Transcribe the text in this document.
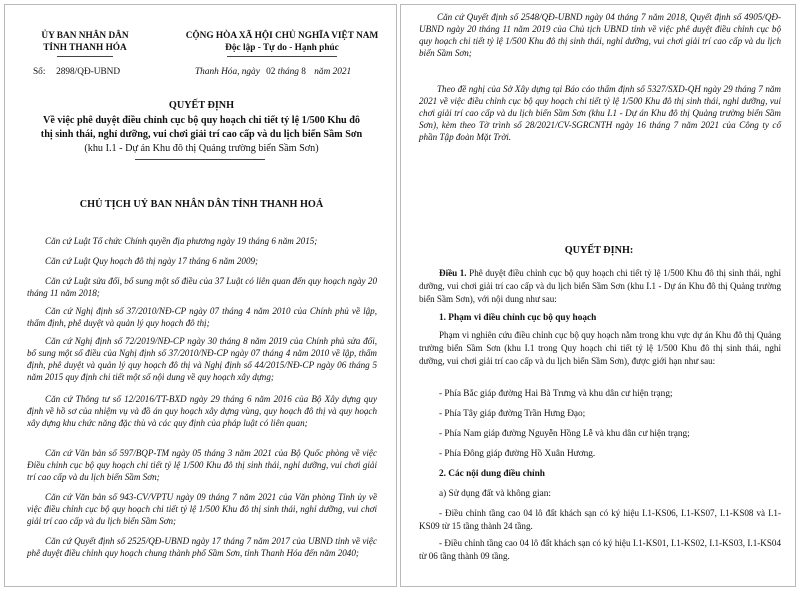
ỦY BAN NHÂN DÂN
TỈNH THANH HÓA
CỘNG HÒA XÃ HỘI CHỦ NGHĨA VIỆT NAM
Độc lập - Tự do - Hạnh phúc
Số: 2898/QĐ-UBND	Thanh Hóa, ngày 02 tháng 8 năm 2021
QUYẾT ĐỊNH
Về việc phê duyệt điều chỉnh cục bộ quy hoạch chi tiết tỷ lệ 1/500 Khu đô
thị sinh thái, nghỉ dưỡng, vui chơi giải trí cao cấp và du lịch biển Sầm Sơn
(khu I.1 - Dự án Khu đô thị Quảng trường biển Sầm Sơn)
CHỦ TỊCH UỶ BAN NHÂN DÂN TỈNH THANH HOÁ
Căn cứ Luật Tổ chức Chính quyền địa phương ngày 19 tháng 6 năm 2015;
Căn cứ Luật Quy hoạch đô thị ngày 17 tháng 6 năm 2009;
Căn cứ Luật sửa đổi, bổ sung một số điều của 37 Luật có liên quan đến quy hoạch ngày 20 tháng 11 năm 2018;
Căn cứ Nghị định số 37/2010/NĐ-CP ngày 07 tháng 4 năm 2010 của Chính phủ về lập, thẩm định, phê duyệt và quản lý quy hoạch đô thị;
Căn cứ Nghị định số 72/2019/NĐ-CP ngày 30 tháng 8 năm 2019 của Chính phủ sửa đổi, bổ sung một số điều của Nghị định số 37/2010/NĐ-CP ngày 07 tháng 4 năm 2010 về lập, thẩm định, phê duyệt và quản lý quy hoạch đô thị và Nghị định số 44/2015/NĐ-CP ngày 06 tháng 5 năm 2015 quy định chi tiết một số nội dung về quy hoạch xây dựng;
Căn cứ Thông tư số 12/2016/TT-BXD ngày 29 tháng 6 năm 2016 của Bộ Xây dựng quy định về hồ sơ của nhiệm vụ và đồ án quy hoạch xây dựng vùng, quy hoạch đô thị và quy hoạch xây dựng khu chức năng đặc thù và các quy định của pháp luật có liên quan;
Căn cứ Văn bản số 597/BQP-TM ngày 05 tháng 3 năm 2021 của Bộ Quốc phòng về việc Điều chỉnh cục bộ quy hoạch chi tiết tỷ lệ 1/500 Khu đô thị sinh thái, nghỉ dưỡng, vui chơi giải trí cao cấp và du lịch biển Sầm Sơn;
Căn cứ Văn bản số 943-CV/VPTU ngày 09 tháng 7 năm 2021 của Văn phòng Tỉnh ủy về việc điều chỉnh cục bộ quy hoạch chi tiết tỷ lệ 1/500 Khu đô thị sinh thái, nghỉ dưỡng, vui chơi giải trí cao cấp và du lịch biển Sầm Sơn;
Căn cứ Quyết định số 2525/QĐ-UBND ngày 17 tháng 7 năm 2017 của UBND tỉnh về việc phê duyệt điều chỉnh quy hoạch chung thành phố Sầm Sơn, tỉnh Thanh Hóa đến năm 2040;
Căn cứ Quyết định số 2548/QĐ-UBND ngày 04 tháng 7 năm 2018, Quyết định số 4905/QĐ-UBND ngày 20 tháng 11 năm 2019 của Chủ tịch UBND tỉnh về việc phê duyệt điều chỉnh cục bộ quy hoạch chi tiết tỷ lệ 1/500 Khu đô thị sinh thái, nghỉ dưỡng, vui chơi giải trí cao cấp và du lịch biển Sầm Sơn;
Theo đề nghị của Sở Xây dựng tại Báo cáo thẩm định số 5327/SXD-QH ngày 29 tháng 7 năm 2021 về việc điều chỉnh cục bộ quy hoạch chi tiết tỷ lệ 1/500 Khu đô thị sinh thái, nghỉ dưỡng, vui chơi giải trí cao cấp và du lịch biển Sầm Sơn (khu I.1 - Dự án Khu đô thị Quảng trường biển Sầm Sơn), kèm theo Tờ trình số 28/2021/CV-SGRCNTH ngày 16 tháng 7 năm 2021 của Công ty cổ phần Tập đoàn Mặt Trời.
QUYẾT ĐỊNH:
Điều 1. Phê duyệt điều chỉnh cục bộ quy hoạch chi tiết tỷ lệ 1/500 Khu đô thị sinh thái, nghỉ dưỡng, vui chơi giải trí cao cấp và du lịch biển Sầm Sơn (khu I.1 - Dự án Khu đô thị Quảng trường biển Sầm Sơn), với nội dung như sau:
1. Phạm vi điều chỉnh cục bộ quy hoạch
Phạm vi nghiên cứu điều chỉnh cục bộ quy hoạch nằm trong khu vực dự án Khu đô thị Quảng trường biển Sầm Sơn (khu I.1 trong Quy hoạch chi tiết tỷ lệ 1/500 Khu đô thị sinh thái, nghỉ dưỡng, vui chơi giải trí cao cấp và du lịch biển Sầm Sơn), được giới hạn như sau:
- Phía Bắc giáp đường Hai Bà Trưng và khu dân cư hiện trạng;
- Phía Tây giáp đường Trần Hưng Đạo;
- Phía Nam giáp đường Nguyễn Hồng Lễ và khu dân cư hiện trạng;
- Phía Đông giáp đường Hồ Xuân Hương.
2. Các nội dung điều chỉnh
a) Sử dụng đất và không gian:
- Điều chỉnh tầng cao 04 lô đất khách sạn có ký hiệu I.1-KS06, I.1-KS07, I.1-KS08 và I.1-KS09 từ 15 tầng thành 24 tầng.
- Điều chỉnh tầng cao 04 lô đất khách sạn có ký hiệu I.1-KS01, I.1-KS02, I.1-KS03, I.1-KS04 từ 06 tầng thành 09 tầng.
